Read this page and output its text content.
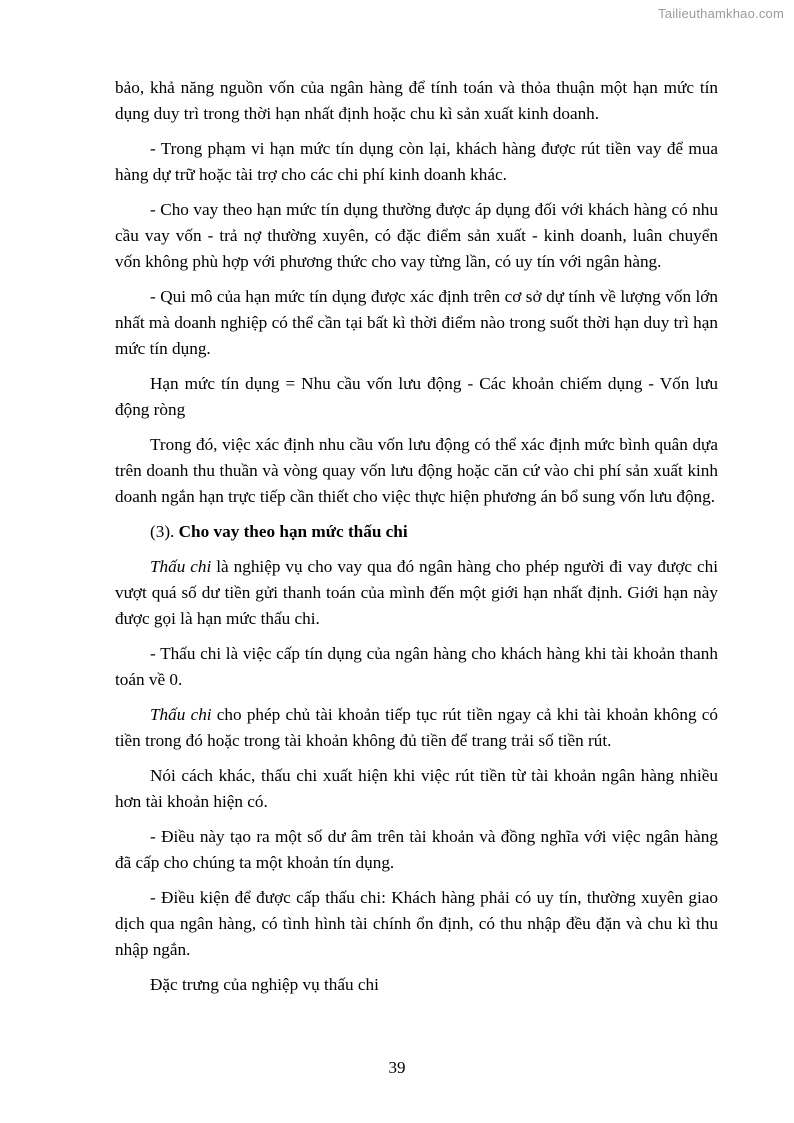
Tailieuthamkhao.com

bảo, khả năng nguồn vốn của ngân hàng để tính toán và thỏa thuận một hạn mức tín dụng duy trì trong thời hạn nhất định hoặc chu kì sản xuất kinh doanh.

- Trong phạm vi hạn mức tín dụng còn lại, khách hàng được rút tiền vay để mua hàng dự trữ hoặc tài trợ cho các chi phí kinh doanh khác.

- Cho vay theo hạn mức tín dụng thường được áp dụng đối với khách hàng có nhu cầu vay vốn - trả nợ thường xuyên, có đặc điểm sản xuất - kinh doanh, luân chuyển vốn không phù hợp với phương thức cho vay từng lần, có uy tín với ngân hàng.

- Qui mô của hạn mức tín dụng được xác định trên cơ sở dự tính về lượng vốn lớn nhất mà doanh nghiệp có thể cần tại bất kì thời điểm nào trong suốt thời hạn duy trì hạn mức tín dụng.

Hạn mức tín dụng = Nhu cầu vốn lưu động - Các khoản chiếm dụng - Vốn lưu động ròng

Trong đó, việc xác định nhu cầu vốn lưu động có thể xác định mức bình quân dựa trên doanh thu thuần và vòng quay vốn lưu động hoặc căn cứ vào chi phí sản xuất kinh doanh ngắn hạn trực tiếp cần thiết cho việc thực hiện phương án bổ sung vốn lưu động.

(3). Cho vay theo hạn mức thấu chi

Thấu chi là nghiệp vụ cho vay qua đó ngân hàng cho phép người đi vay được chi vượt quá số dư tiền gửi thanh toán của mình đến một giới hạn nhất định. Giới hạn này được gọi là hạn mức thấu chi.

- Thấu chi là việc cấp tín dụng của ngân hàng cho khách hàng khi tài khoản thanh toán về 0.

Thấu chi cho phép chủ tài khoản tiếp tục rút tiền ngay cả khi tài khoản không có tiền trong đó hoặc trong tài khoản không đủ tiền để trang trải số tiền rút.

Nói cách khác, thấu chi xuất hiện khi việc rút tiền từ tài khoản ngân hàng nhiều hơn tài khoản hiện có.

- Điều này tạo ra một số dư âm trên tài khoản và đồng nghĩa với việc ngân hàng đã cấp cho chúng ta một khoản tín dụng.

- Điều kiện để được cấp thấu chi: Khách hàng phải có uy tín, thường xuyên giao dịch qua ngân hàng, có tình hình tài chính ổn định, có thu nhập đều đặn và chu kì thu nhập ngắn.

Đặc trưng của nghiệp vụ thấu chi

39
